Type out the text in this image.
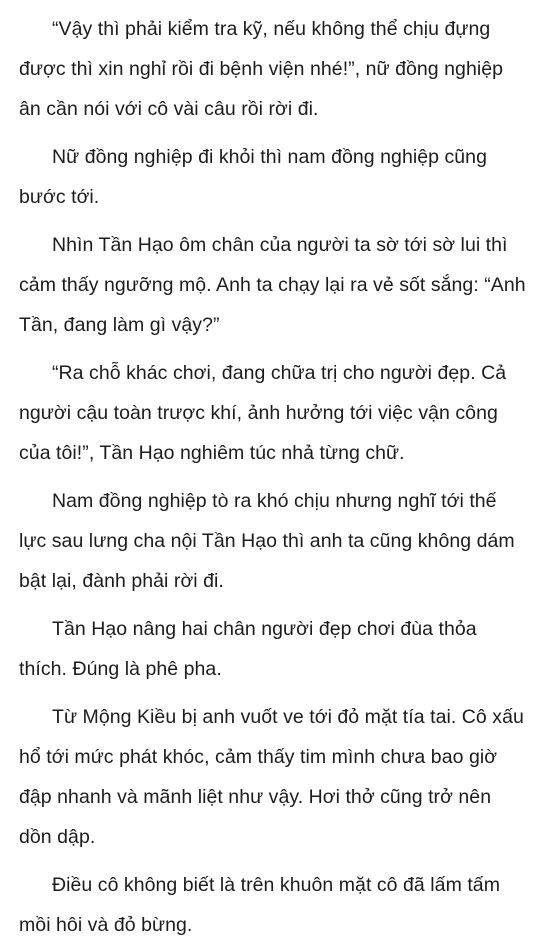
“Vậy thì phải kiểm tra kỹ, nếu không thể chịu đựng được thì xin nghỉ rồi đi bệnh viện nhé!”, nữ đồng nghiệp ân cần nói với cô vài câu rồi rời đi.

Nữ đồng nghiệp đi khỏi thì nam đồng nghiệp cũng bước tới.

Nhìn Tần Hạo ôm chân của người ta sờ tới sờ lui thì cảm thấy ngưỡng mộ. Anh ta chạy lại ra vẻ sốt sắng: “Anh Tần, đang làm gì vậy?”

“Ra chỗ khác chơi, đang chữa trị cho người đẹp. Cả người cậu toàn trược khí, ảnh hưởng tới việc vận công của tôi!”, Tần Hạo nghiêm túc nhả từng chữ.

Nam đồng nghiệp tò ra khó chịu nhưng nghĩ tới thế lực sau lưng cha nội Tần Hạo thì anh ta cũng không dám bật lại, đành phải rời đi.

Tần Hạo nâng hai chân người đẹp chơi đùa thỏa thích. Đúng là phê pha.

Từ Mộng Kiều bị anh vuốt ve tới đỏ mặt tía tai. Cô xấu hổ tới mức phát khóc, cảm thấy tim mình chưa bao giờ đập nhanh và mãnh liệt như vậy. Hơi thở cũng trở nên dồn dập.

Điều cô không biết là trên khuôn mặt cô đã lấm tấm mồi hôi và đỏ bừng.
